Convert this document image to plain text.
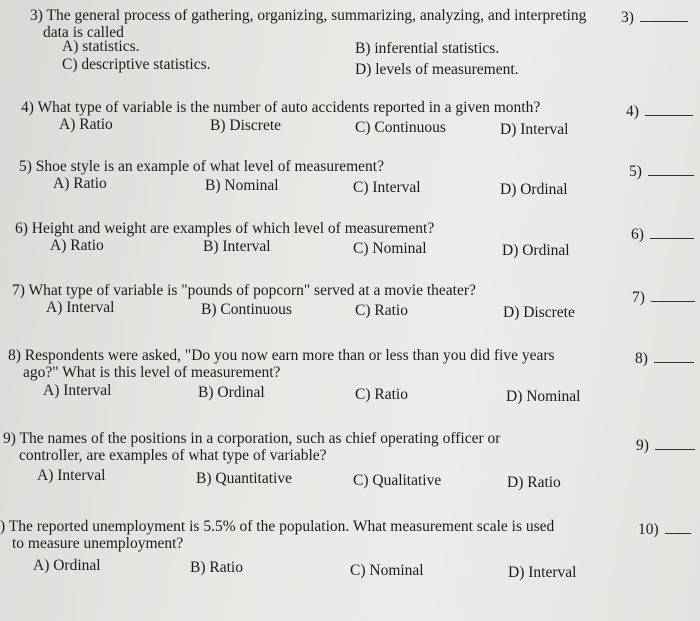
3) The general process of gathering, organizing, summarizing, analyzing, and interpreting
data is called
A) statistics.	B) inferential statistics.
C) descriptive statistics.	D) levels of measurement.
3)
4) What type of variable is the number of auto accidents reported in a given month?
A) Ratio	B) Discrete	C) Continuous	D) Interval
4)
5) Shoe style is an example of what level of measurement?
A) Ratio	B) Nominal	C) Interval	D) Ordinal
5)
6) Height and weight are examples of which level of measurement?
A) Ratio	B) Interval	C) Nominal	D) Ordinal
6)
7) What type of variable is "pounds of popcorn" served at a movie theater?
A) Interval	B) Continuous	C) Ratio	D) Discrete
7)
8) Respondents were asked, "Do you now earn more than or less than you did five years
ago?" What is this level of measurement?
A) Interval	B) Ordinal	C) Ratio	D) Nominal
8)
9) The names of the positions in a corporation, such as chief operating officer or
controller, are examples of what type of variable?
A) Interval	B) Quantitative	C) Qualitative	D) Ratio
9)
) The reported unemployment is 5.5% of the population. What measurement scale is used
to measure unemployment?
A) Ordinal	B) Ratio	C) Nominal	D) Interval
10)
